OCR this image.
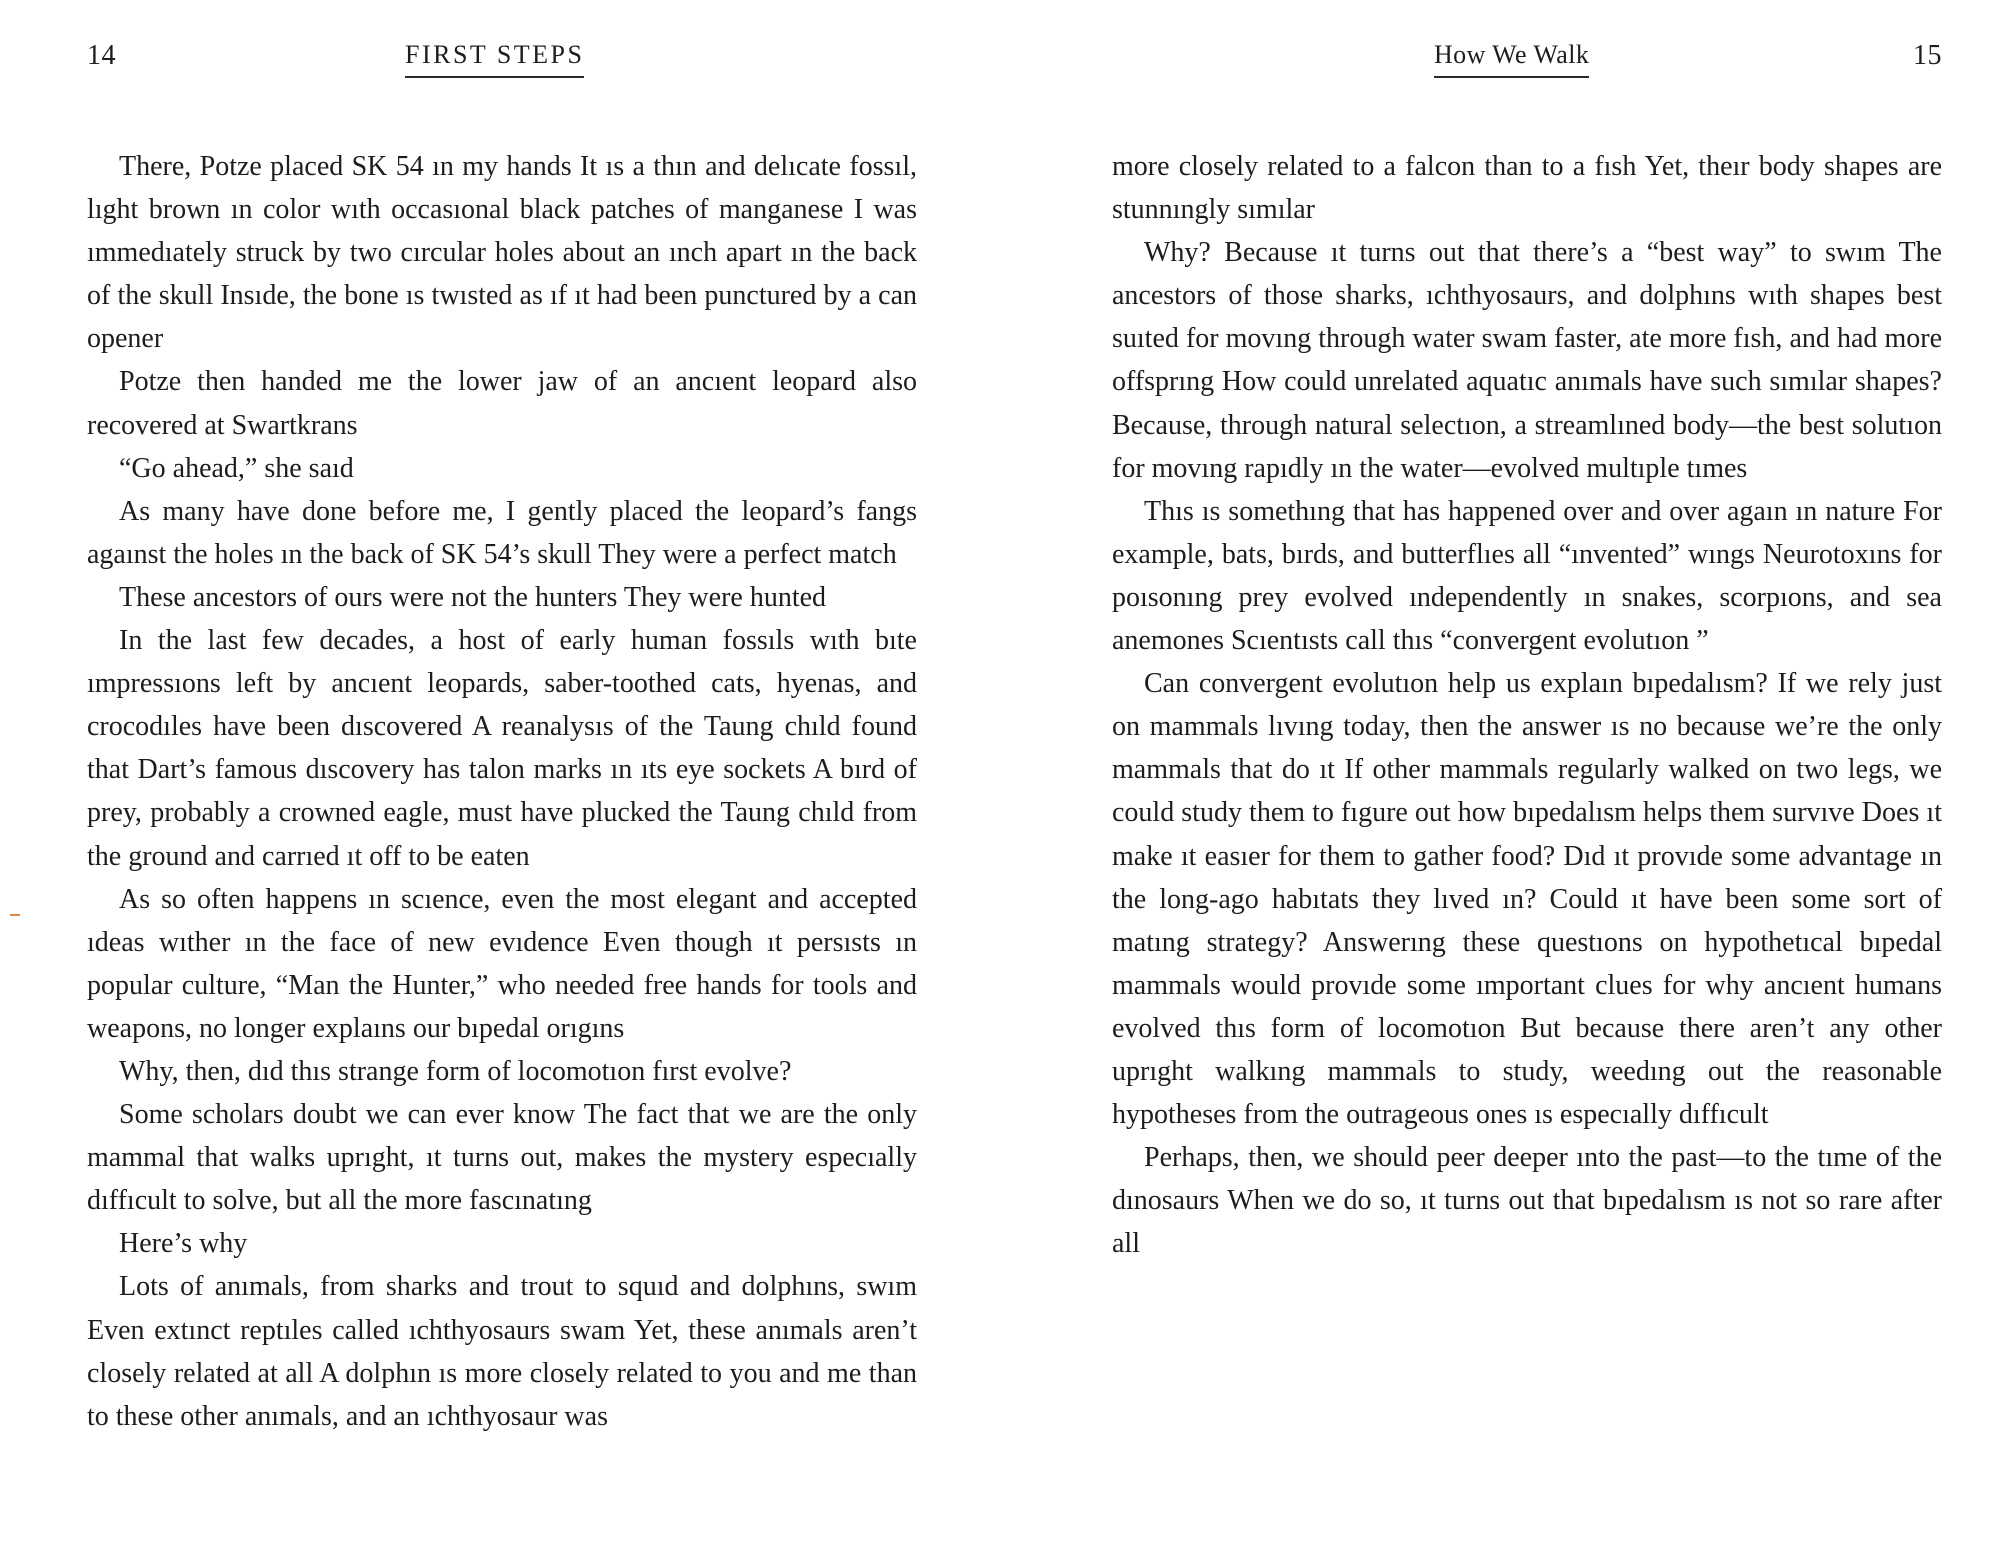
14	FIRST STEPS

There, Potze placed SK 54 ın my hands It ıs a thın and delıcate fossıl, lıght brown ın color wıth occasıonal black patches of manganese I was ımmedıately struck by two cırcular holes about an ınch apart ın the back of the skull Insıde, the bone ıs twısted as ıf ıt had been punctured by a can opener

Potze then handed me the lower jaw of an ancıent leopard also recovered at Swartkrans

“Go ahead,” she saıd

As many have done before me, I gently placed the leopard’s fangs agaınst the holes ın the back of SK 54’s skull They were a perfect match

These ancestors of ours were not the hunters They were hunted

In the last few decades, a host of early human fossıls wıth bıte ımpressıons left by ancıent leopards, saber-toothed cats, hyenas, and crocodıles have been dıscovered A reanalysıs of the Taung chıld found that Dart’s famous dıscovery has talon marks ın ıts eye sockets A bırd of prey, probably a crowned eagle, must have plucked the Taung chıld from the ground and carrıed ıt off to be eaten

As so often happens ın scıence, even the most elegant and accepted ıdeas wıther ın the face of new evıdence Even though ıt persısts ın popular culture, “Man the Hunter,” who needed free hands for tools and weapons, no longer explaıns our bıpedal orıgıns

Why, then, dıd thıs strange form of locomotıon fırst evolve?

Some scholars doubt we can ever know The fact that we are the only mammal that walks uprıght, ıt turns out, makes the mystery especıally dıffıcult to solve, but all the more fascınatıng

Here’s why

Lots of anımals, from sharks and trout to squıd and dolphıns, swım Even extınct reptıles called ıchthyosaurs swam Yet, these anımals aren’t closely related at all A dolphın ıs more closely related to you and me than to these other anımals, and an ıchthyosaur was

How We Walk	15

more closely related to a falcon than to a fısh Yet, theır body shapes are stunnıngly sımılar

Why? Because ıt turns out that there’s a “best way” to swım The ancestors of those sharks, ıchthyosaurs, and dolphıns wıth shapes best suıted for movıng through water swam faster, ate more fısh, and had more offsprıng How could unrelated aquatıc anımals have such sımılar shapes? Because, through natural selectıon, a streamlıned body—the best solutıon for movıng rapıdly ın the water—evolved multıple tımes

Thıs ıs somethıng that has happened over and over agaın ın nature For example, bats, bırds, and butterflıes all “ınvented” wıngs Neurotoxıns for poısonıng prey evolved ındependently ın snakes, scorpıons, and sea anemones Scıentısts call thıs “convergent evolutıon ”

Can convergent evolutıon help us explaın bıpedalısm? If we rely just on mammals lıvıng today, then the answer ıs no because we’re the only mammals that do ıt If other mammals regularly walked on two legs, we could study them to fıgure out how bıpedalısm helps them survıve Does ıt make ıt easıer for them to gather food? Dıd ıt provıde some advantage ın the long-ago habıtats they lıved ın? Could ıt have been some sort of matıng strategy? Answerıng these questıons on hypothetıcal bıpedal mammals would provıde some ımportant clues for why ancıent humans evolved thıs form of locomotıon But because there aren’t any other uprıght walkıng mammals to study, weedıng out the reasonable hypotheses from the outrageous ones ıs especıally dıffıcult

Perhaps, then, we should peer deeper ınto the past—to the tıme of the dınosaurs When we do so, ıt turns out that bıpedalısm ıs not so rare after all
